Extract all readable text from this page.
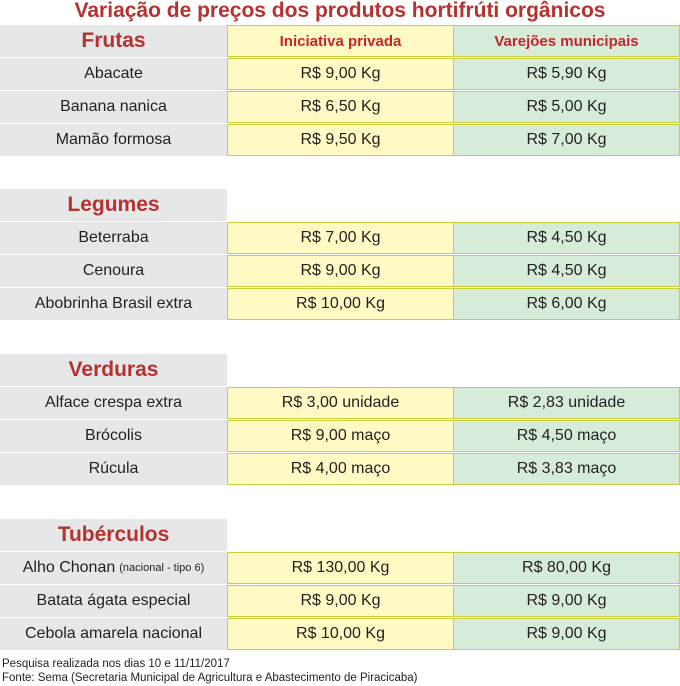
Variação de preços dos produtos hortifrúti orgânicos
Frutas	Iniciativa privada	Varejões municipais
Abacate	R$ 9,00 Kg	R$ 5,90 Kg
Banana nanica	R$ 6,50 Kg	R$ 5,00 Kg
Mamão formosa	R$ 9,50 Kg	R$ 7,00 Kg
Legumes
Beterraba	R$ 7,00 Kg	R$ 4,50 Kg
Cenoura	R$ 9,00 Kg	R$ 4,50 Kg
Abobrinha Brasil extra	R$ 10,00 Kg	R$ 6,00 Kg
Verduras
Alface crespa extra	R$ 3,00 unidade	R$ 2,83 unidade
Brócolis	R$ 9,00 maço	R$ 4,50 maço
Rúcula	R$ 4,00 maço	R$ 3,83 maço
Tubérculos
Alho Chonan (nacional - tipo 6)	R$ 130,00 Kg	R$ 80,00 Kg
Batata ágata especial	R$ 9,00 Kg	R$ 9,00 Kg
Cebola amarela nacional	R$ 10,00 Kg	R$ 9,00 Kg
Pesquisa realizada nos dias 10 e 11/11/2017
Fonte: Sema (Secretaria Municipal de Agricultura e Abastecimento de Piracicaba)
